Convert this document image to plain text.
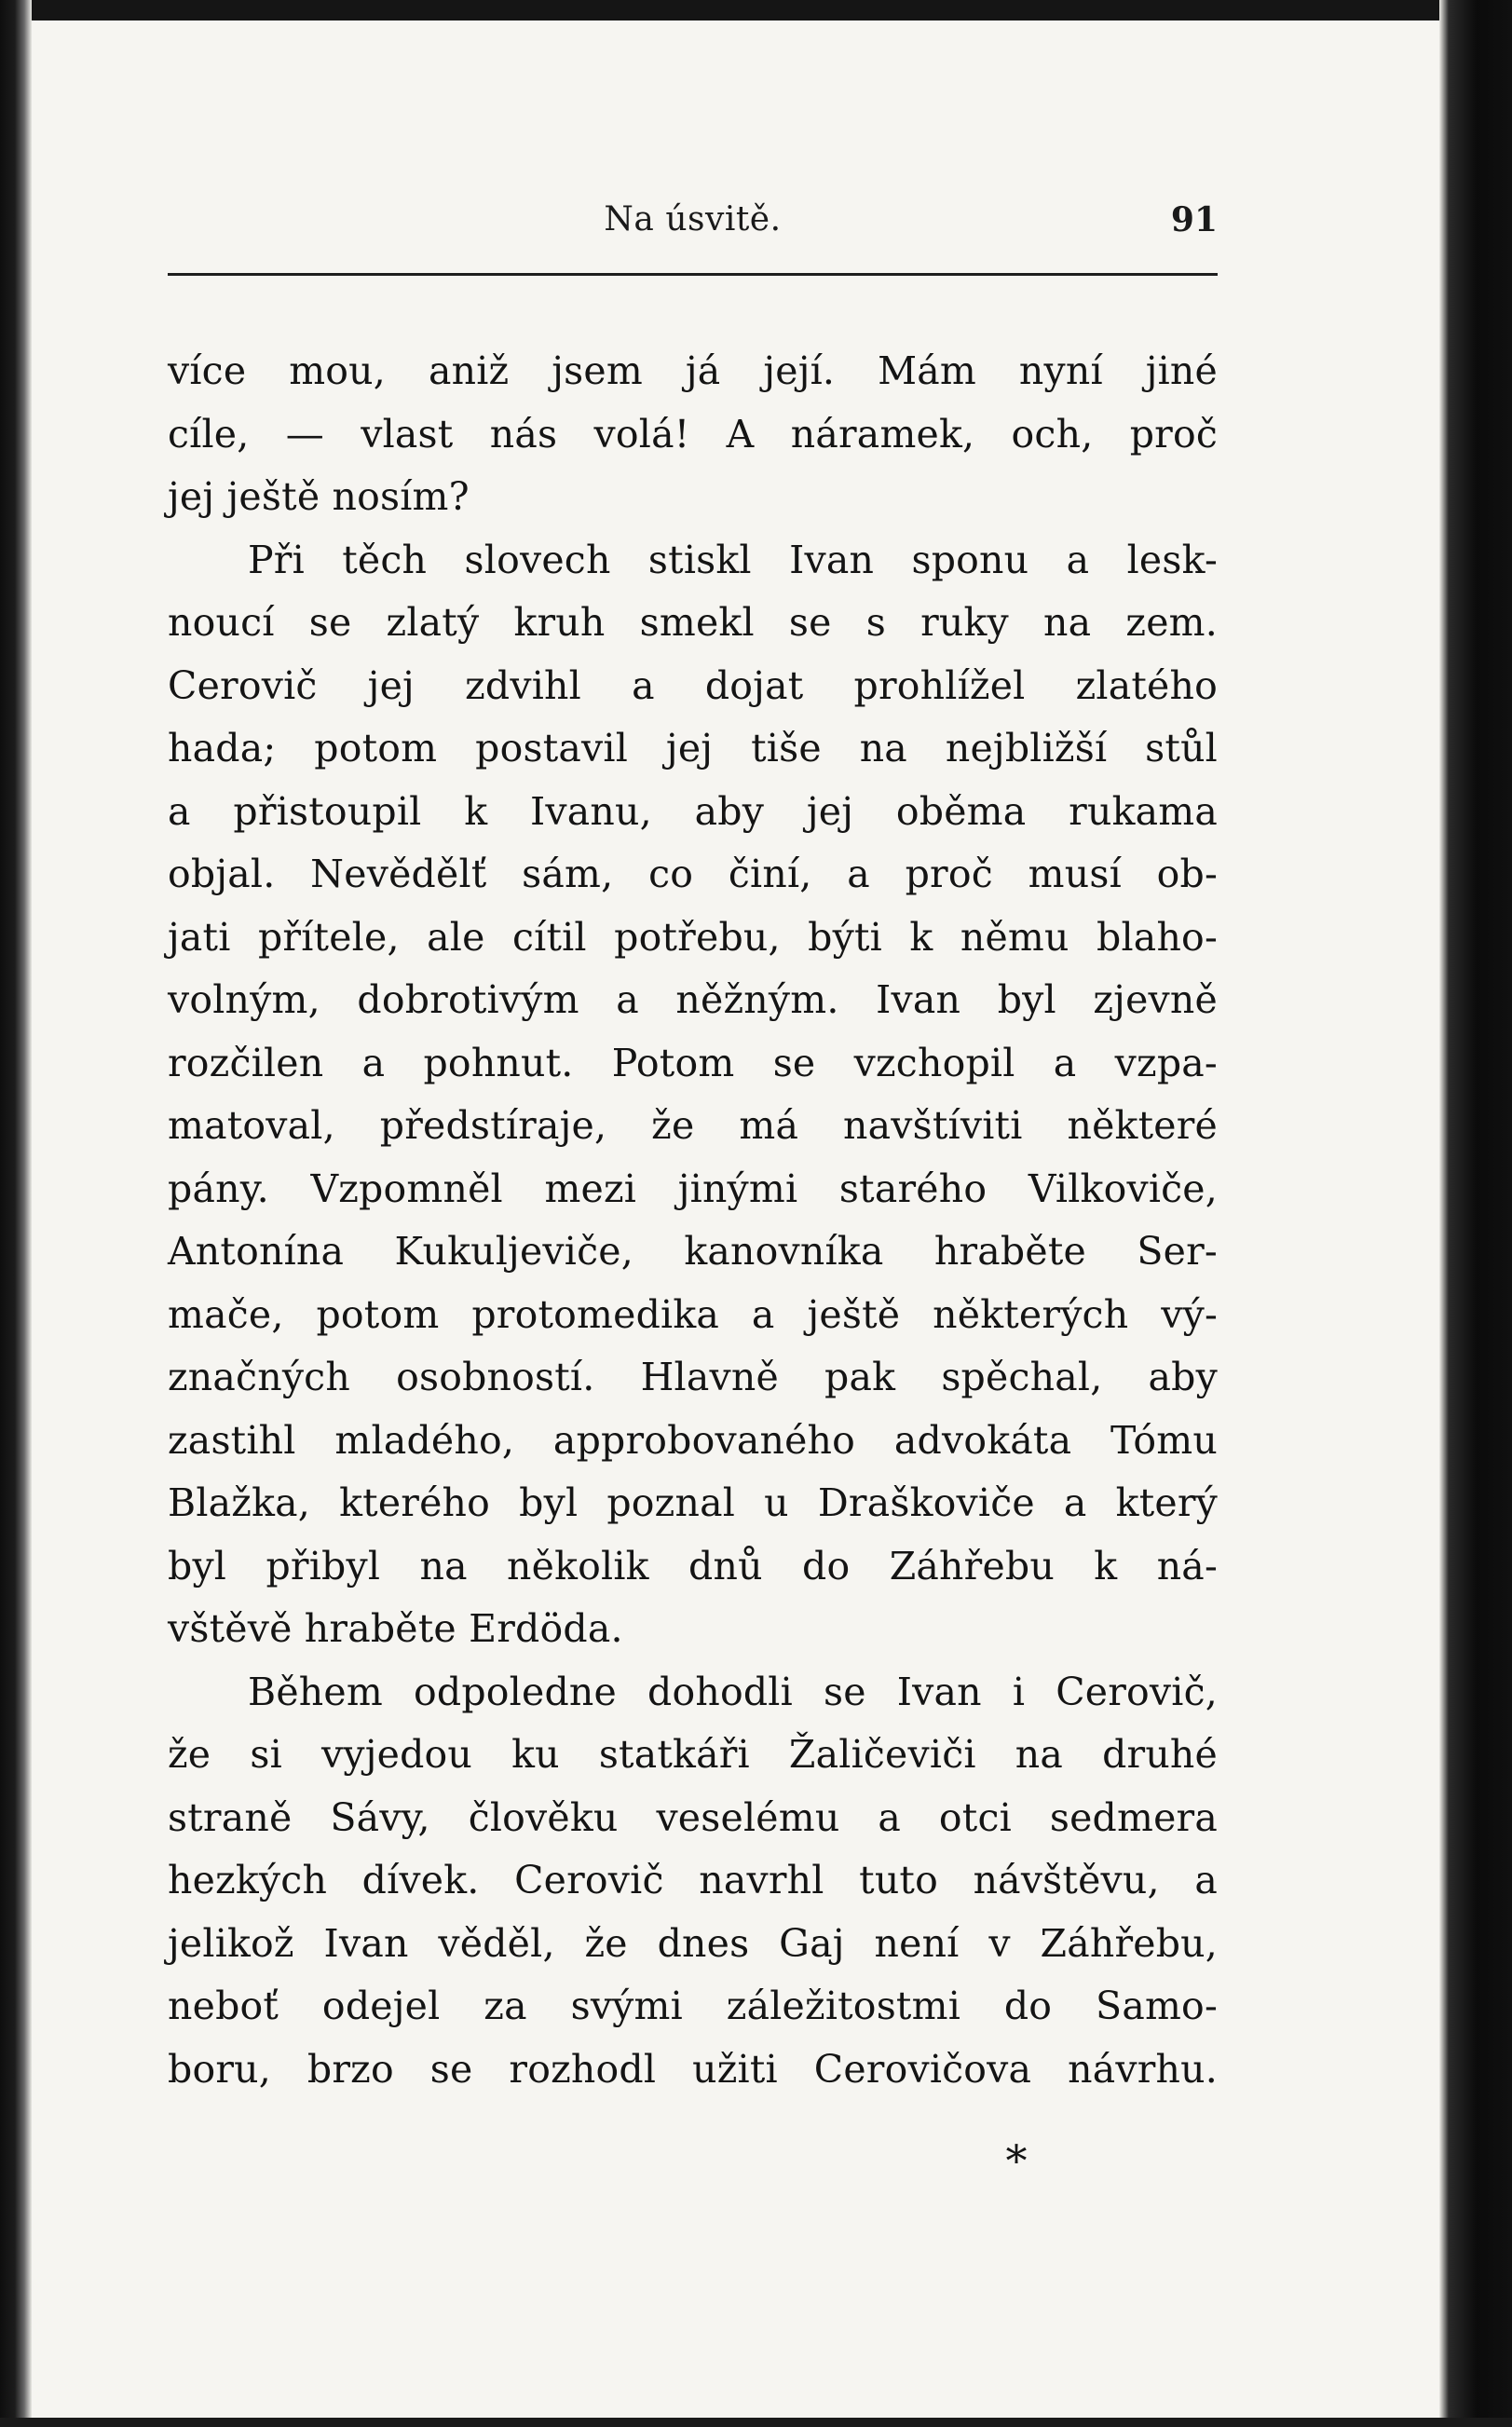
Na úsvitě.	91
více mou, aniž jsem já její. Mám nyní jiné
cíle, — vlast nás volá! A náramek, och, proč
jej ještě nosím?
Při těch slovech stiskl Ivan sponu a lesk-
noucí se zlatý kruh smekl se s ruky na zem.
Cerovič jej zdvihl a dojat prohlížel zlatého
hada; potom postavil jej tiše na nejbližší stůl
a přistoupil k Ivanu, aby jej oběma rukama
objal. Nevědělť sám, co činí, a proč musí ob-
jati přítele, ale cítil potřebu, býti k němu blaho-
volným, dobrotivým a něžným. Ivan byl zjevně
rozčilen a pohnut. Potom se vzchopil a vzpa-
matoval, předstíraje, že má navštíviti některé
pány. Vzpomněl mezi jinými starého Vilkoviče,
Antonína Kukuljeviče, kanovníka hraběte Ser-
mače, potom protomedika a ještě některých vý-
značných osobností. Hlavně pak spěchal, aby
zastihl mladého, approbovaného advokáta Tómu
Blažka, kterého byl poznal u Draškoviče a který
byl přibyl na několik dnů do Záhřebu k ná-
vštěvě hraběte Erdöda.
Během odpoledne dohodli se Ivan i Cerovič,
že si vyjedou ku statkáři Žaličeviči na druhé
straně Sávy, člověku veselému a otci sedmera
hezkých dívek. Cerovič navrhl tuto návštěvu, a
jelikož Ivan věděl, že dnes Gaj není v Záhřebu,
neboť odejel za svými záležitostmi do Samo-
boru, brzo se rozhodl užiti Cerovičova návrhu.
*
